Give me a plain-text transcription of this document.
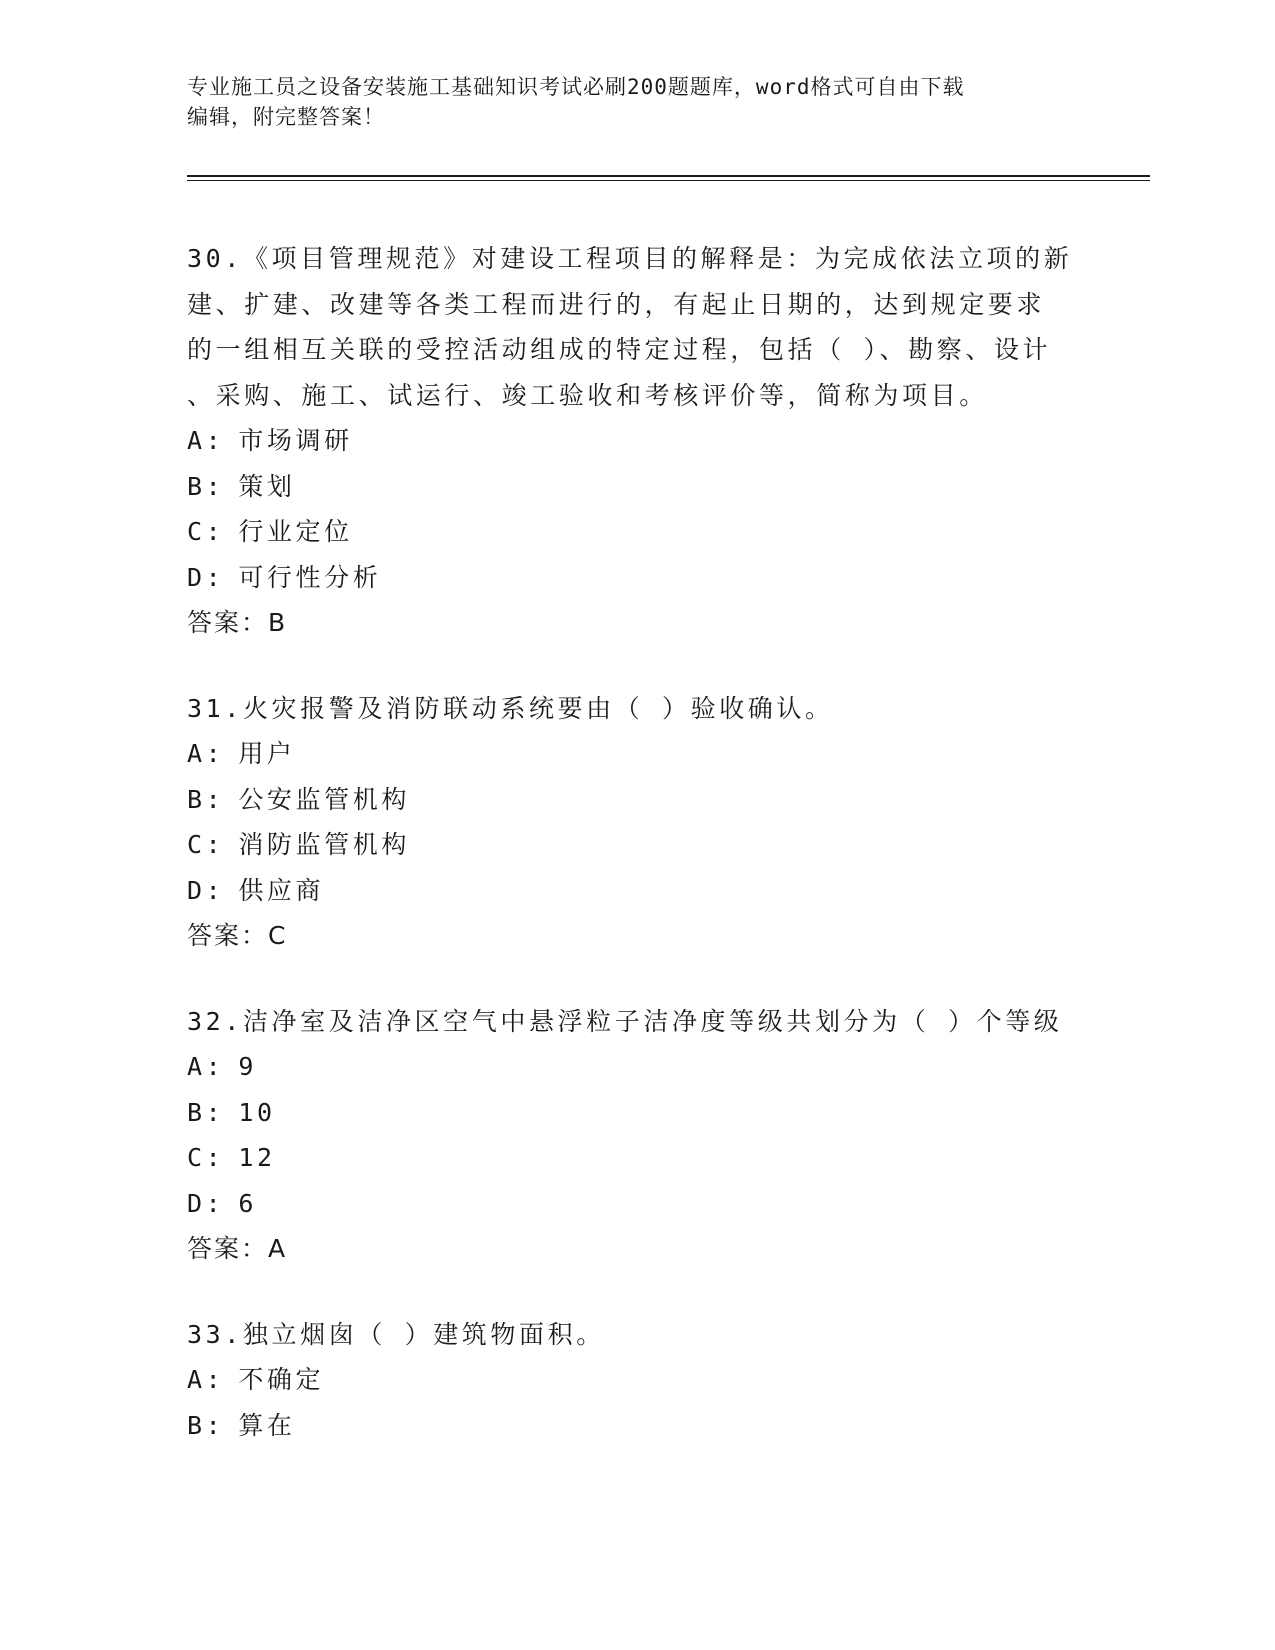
专业施工员之设备安装施工基础知识考试必刷200题题库，word格式可自由下载
编辑，附完整答案！
30.《项目管理规范》对建设工程项目的解释是：为完成依法立项的新
建、扩建、改建等各类工程而进行的，有起止日期的，达到规定要求
的一组相互关联的受控活动组成的特定过程，包括（ ）、勘察、设计
、采购、施工、试运行、竣工验收和考核评价等，简称为项目。
A: 市场调研
B: 策划
C: 行业定位
D: 可行性分析
答案：B
31.火灾报警及消防联动系统要由（ ）验收确认。
A: 用户
B: 公安监管机构
C: 消防监管机构
D: 供应商
答案：C
32.洁净室及洁净区空气中悬浮粒子洁净度等级共划分为（ ）个等级
A: 9
B: 10
C: 12
D: 6
答案：A
33.独立烟囱（ ）建筑物面积。
A: 不确定
B: 算在
